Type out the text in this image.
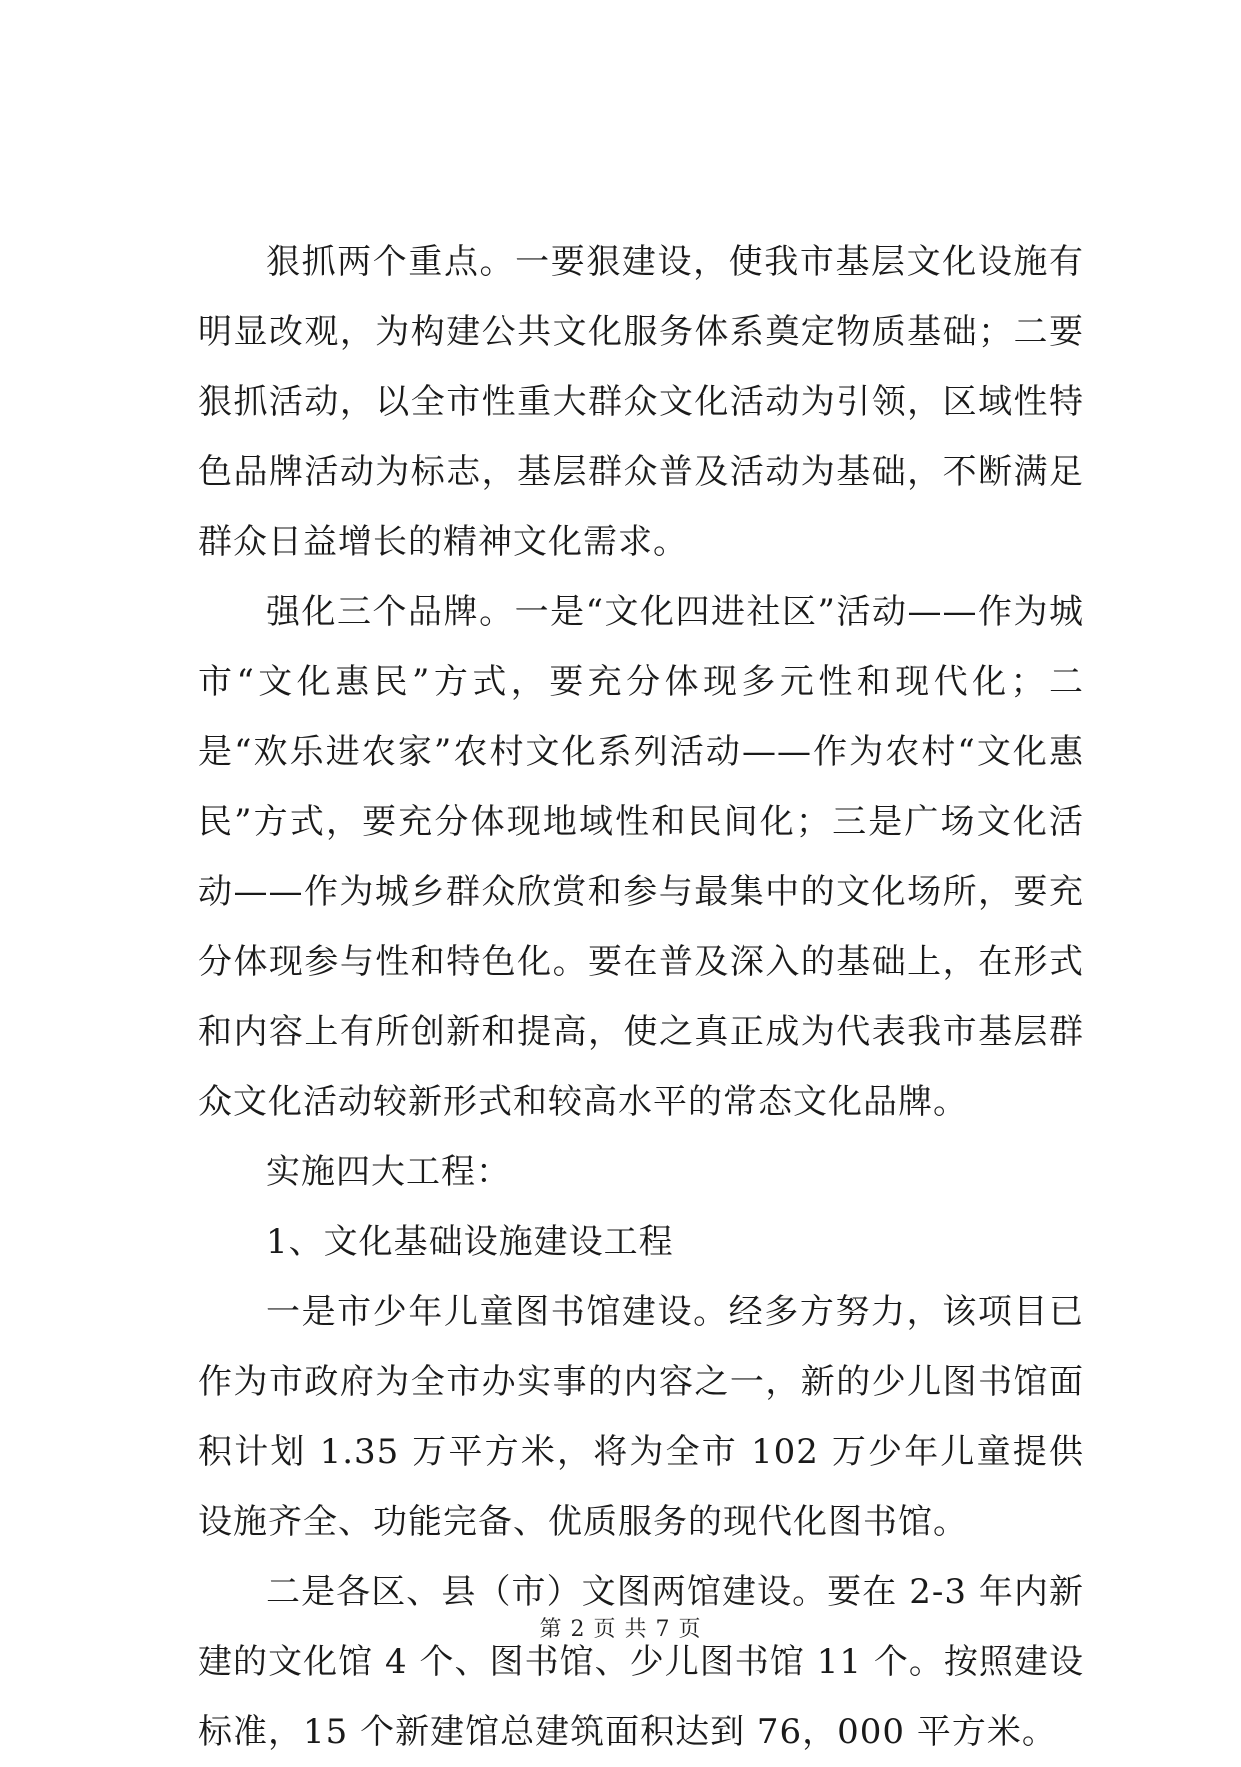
狠抓两个重点。一要狠建设，使我市基层文化设施有明显改观，为构建公共文化服务体系奠定物质基础；二要狠抓活动，以全市性重大群众文化活动为引领，区域性特色品牌活动为标志，基层群众普及活动为基础，不断满足群众日益增长的精神文化需求。

强化三个品牌。一是“文化四进社区”活动——作为城市“文化惠民”方式，要充分体现多元性和现代化；二是“欢乐进农家”农村文化系列活动——作为农村“文化惠民”方式，要充分体现地域性和民间化；三是广场文化活动——作为城乡群众欣赏和参与最集中的文化场所，要充分体现参与性和特色化。要在普及深入的基础上，在形式和内容上有所创新和提高，使之真正成为代表我市基层群众文化活动较新形式和较高水平的常态文化品牌。

实施四大工程：

1、文化基础设施建设工程

一是市少年儿童图书馆建设。经多方努力，该项目已作为市政府为全市办实事的内容之一，新的少儿图书馆面积计划 1.35 万平方米，将为全市 102 万少年儿童提供设施齐全、功能完备、优质服务的现代化图书馆。

二是各区、县（市）文图两馆建设。要在 2-3 年内新建的文化馆 4 个、图书馆、少儿图书馆 11 个。按照建设标准，15 个新建馆总建筑面积达到 76，000 平方米。

第 2 页 共 7 页
